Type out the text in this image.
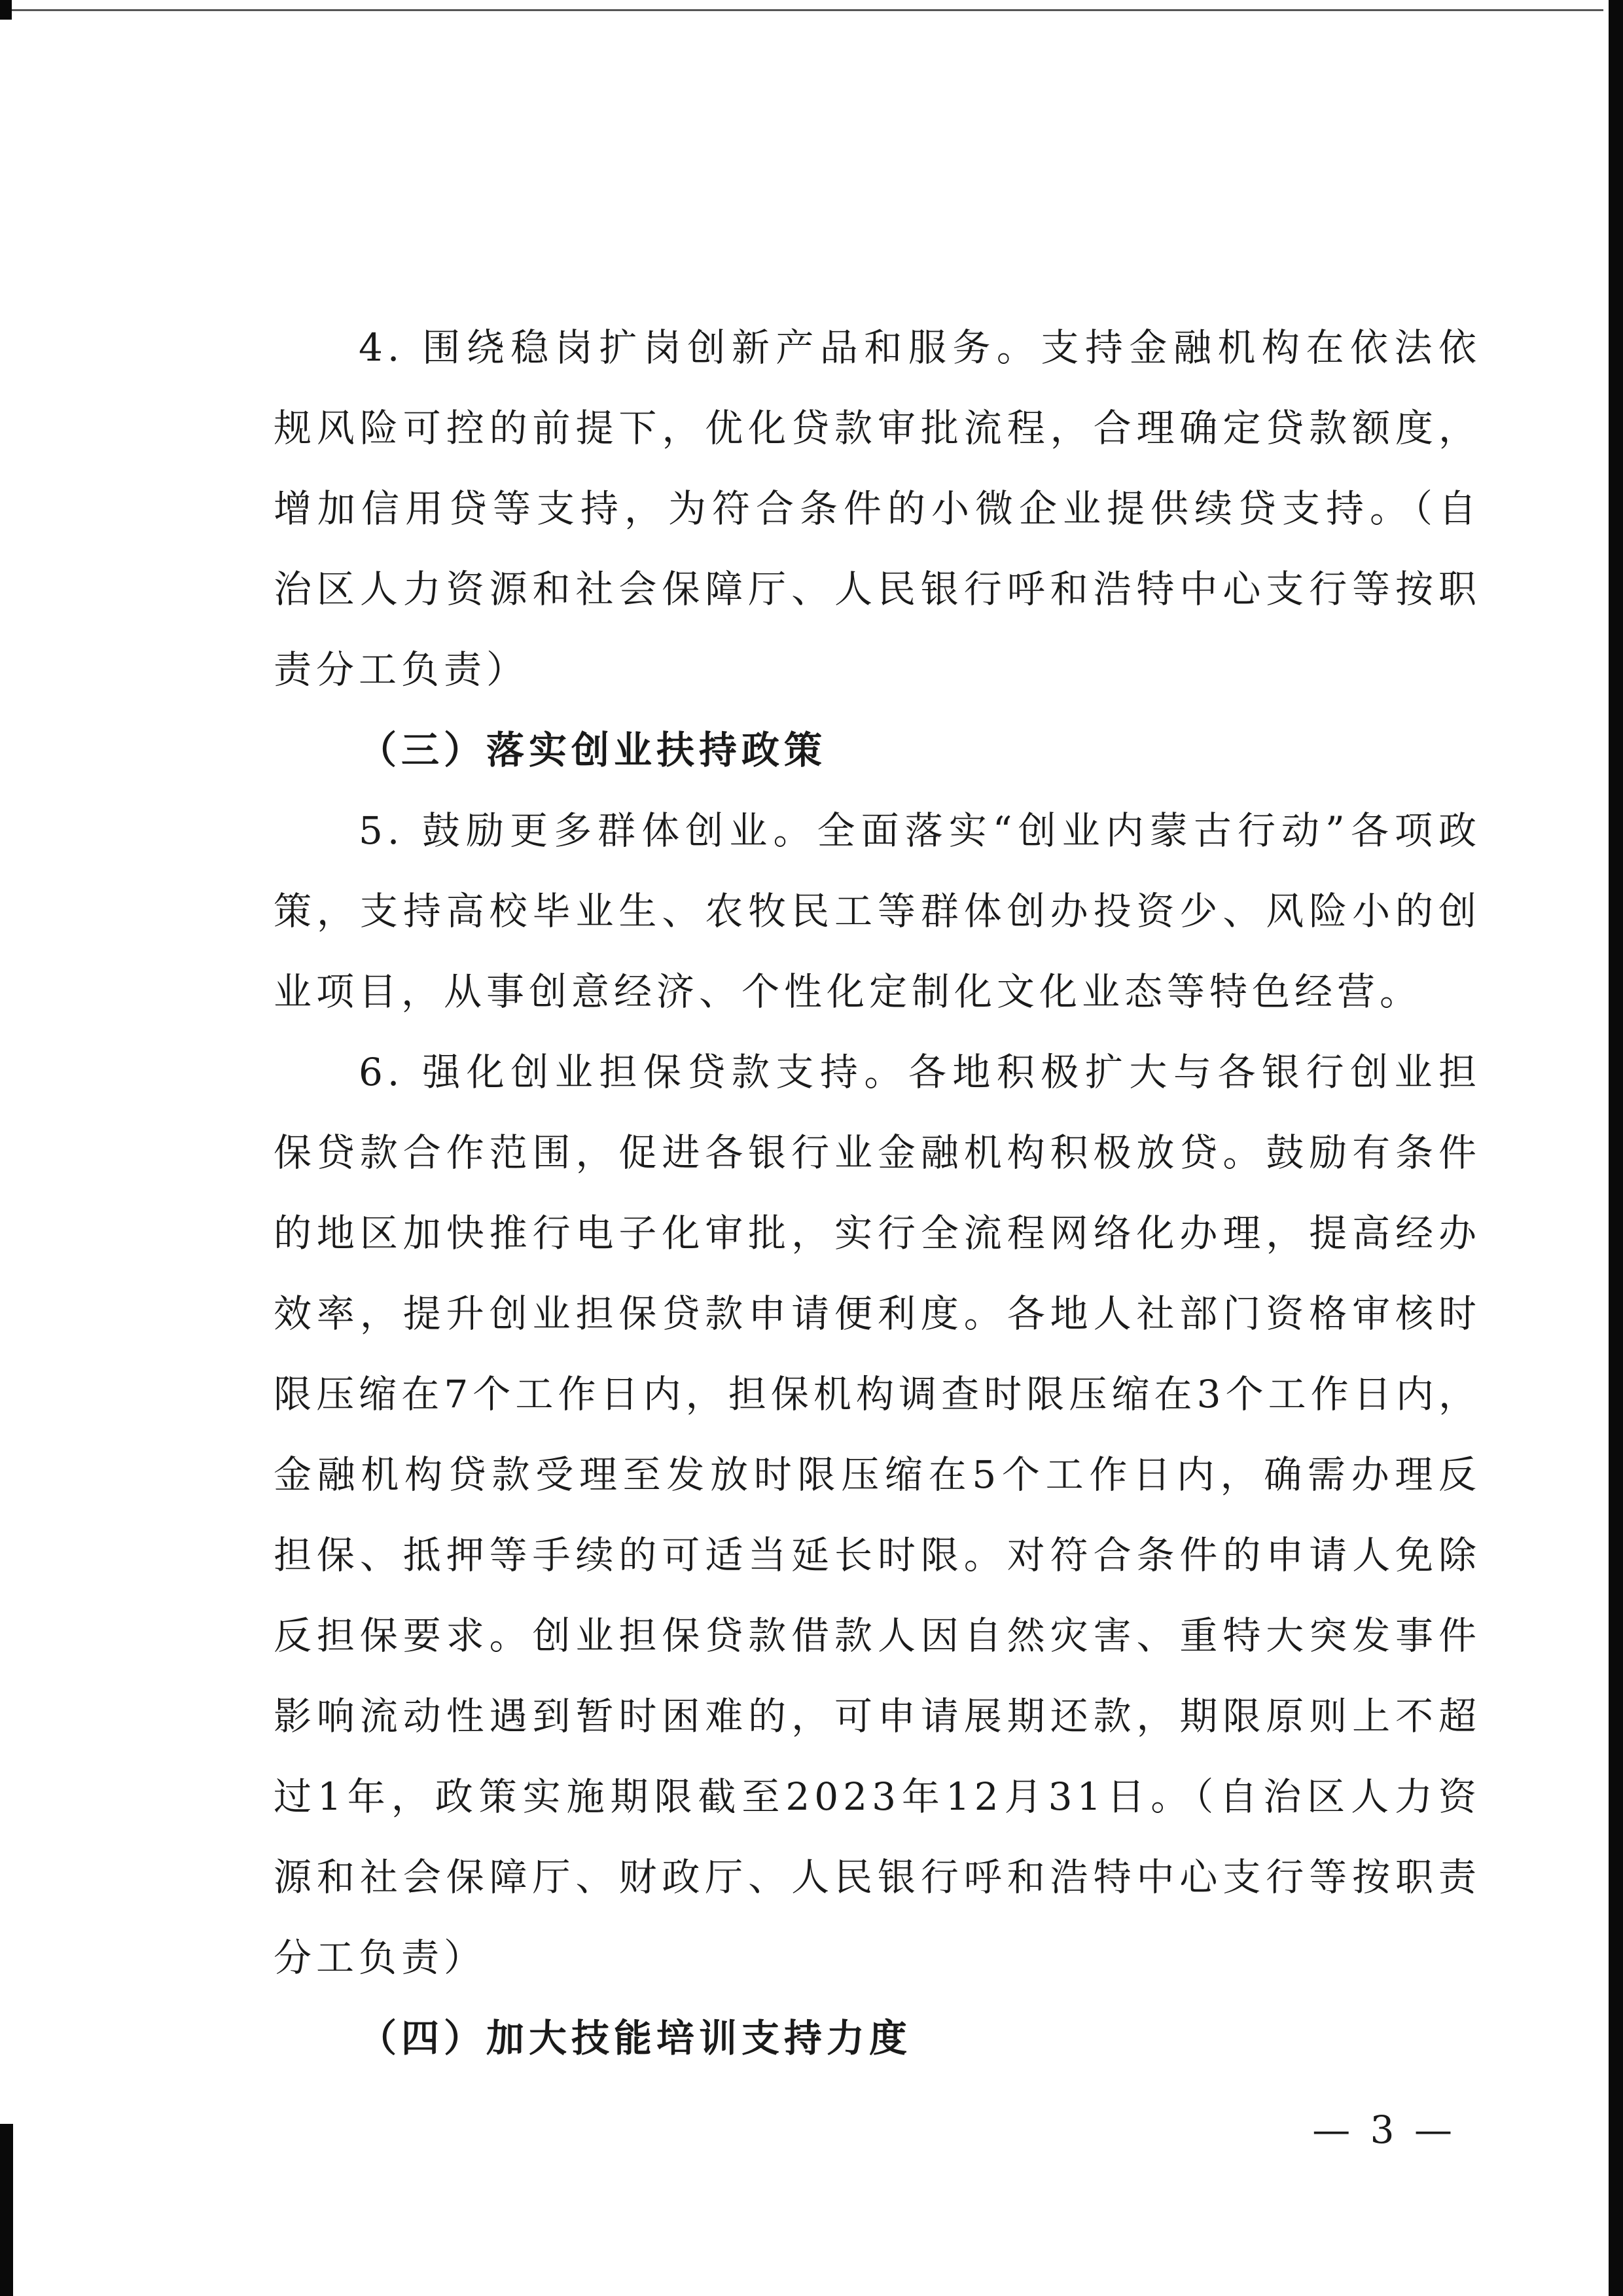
4. 围绕稳岗扩岗创新产品和服务。支持金融机构在依法依规风险可控的前提下，优化贷款审批流程，合理确定贷款额度，增加信用贷等支持，为符合条件的小微企业提供续贷支持。（自治区人力资源和社会保障厅、人民银行呼和浩特中心支行等按职责分工负责）

（三）落实创业扶持政策

5. 鼓励更多群体创业。全面落实“创业内蒙古行动”各项政策，支持高校毕业生、农牧民工等群体创办投资少、风险小的创业项目，从事创意经济、个性化定制化文化业态等特色经营。

6. 强化创业担保贷款支持。各地积极扩大与各银行创业担保贷款合作范围，促进各银行业金融机构积极放贷。鼓励有条件的地区加快推行电子化审批，实行全流程网络化办理，提高经办效率，提升创业担保贷款申请便利度。各地人社部门资格审核时限压缩在7个工作日内，担保机构调查时限压缩在3个工作日内，金融机构贷款受理至发放时限压缩在5个工作日内，确需办理反担保、抵押等手续的可适当延长时限。对符合条件的申请人免除反担保要求。创业担保贷款借款人因自然灾害、重特大突发事件影响流动性遇到暂时困难的，可申请展期还款，期限原则上不超过1年，政策实施期限截至2023年12月31日。（自治区人力资源和社会保障厅、财政厅、人民银行呼和浩特中心支行等按职责分工负责）

（四）加大技能培训支持力度

— 3 —
